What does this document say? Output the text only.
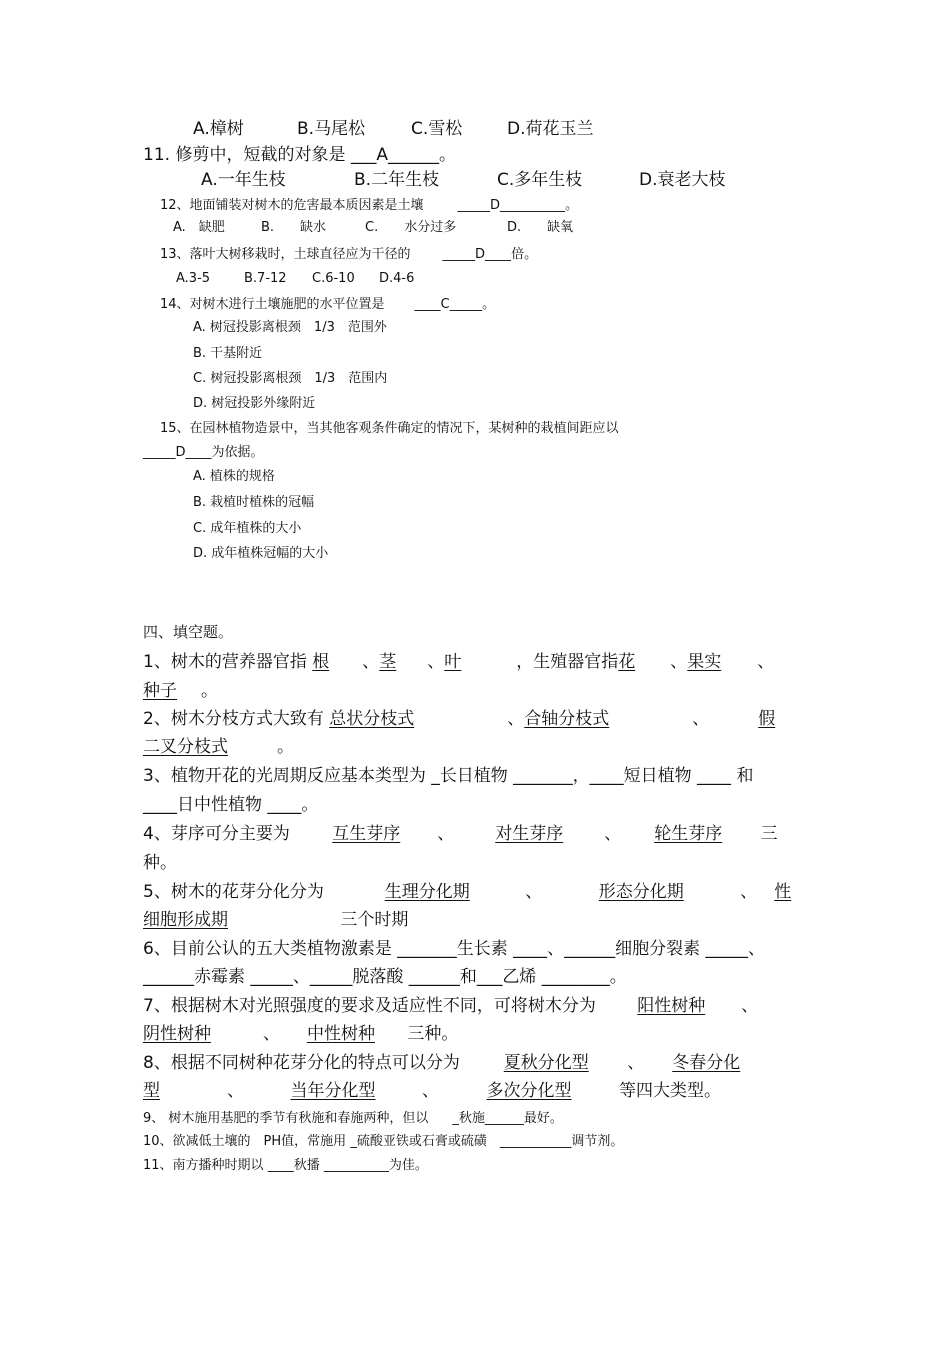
A.樟树	B.马尾松	C.雪松	D.荷花玉兰
11. 修剪中，短截的对象是 ___A______。
A.一年生枝	B.二年生枝	C.多年生枝	D.衰老大枝
12、地面铺装对树木的危害最本质因素是土壤	_____D__________。
A.　缺肥	B.　　缺水	C.　　水分过多	D.　　缺氧
13、落叶大树移栽时，土球直径应为干径的 _____D____倍。
A.3-5	B.7-12 C.6-10 D.4-6
14、对树木进行土壤施肥的水平位置是 ____C_____。
A. 树冠投影离根颈　1/3　范围外
B. 干基附近
C. 树冠投影离根颈　1/3　范围内
D. 树冠投影外缘附近
15、在园林植物造景中，当其他客观条件确定的情况下，某树种的栽植间距应以
_____D____为依据。
A. 植株的规格
B. 栽植时植株的冠幅
C. 成年植株的大小
D. 成年植株冠幅的大小
四、填空题。
1、树木的营养器官指 根、茎、叶	，生殖器官指花、果实、
种子。
2、树木分枝方式大致有 总状分枝式	、合轴分枝式	、	假
二叉分枝式	。
3、植物开花的光周期反应基本类型为 _长日植物 _______，____短日植物 ____ 和
____日中性植物 ____。
4、芽序可分主要为 互生芽序、对生芽序、轮生芽序 三
种。
5、树木的花芽分化分为	生理分化期	、	形态分化期	、 性
细胞形成期	三个时期
6、目前公认的五大类植物激素是 _______生长素 ____、______细胞分裂素 _____、
______赤霉素 _____、_____脱落酸 ______和___乙烯 ________。
7、根据树木对光照强度的要求及适应性不同，可将树木分为 阳性树种、
阴性树种	、中性树种 三种。
8、根据不同树种花芽分化的特点可以分为	夏秋分化型、冬春分化
型	、	当年分化型	、	多次分化型	等四大类型。
9、 树木施用基肥的季节有秋施和春施两种，但以 _秋施______最好。
10、欲减低土壤的　PH值，常施用 _硫酸亚铁或石膏或硫磺　___________调节剂。
11、南方播种时期以 ____秋播 __________为佳。
